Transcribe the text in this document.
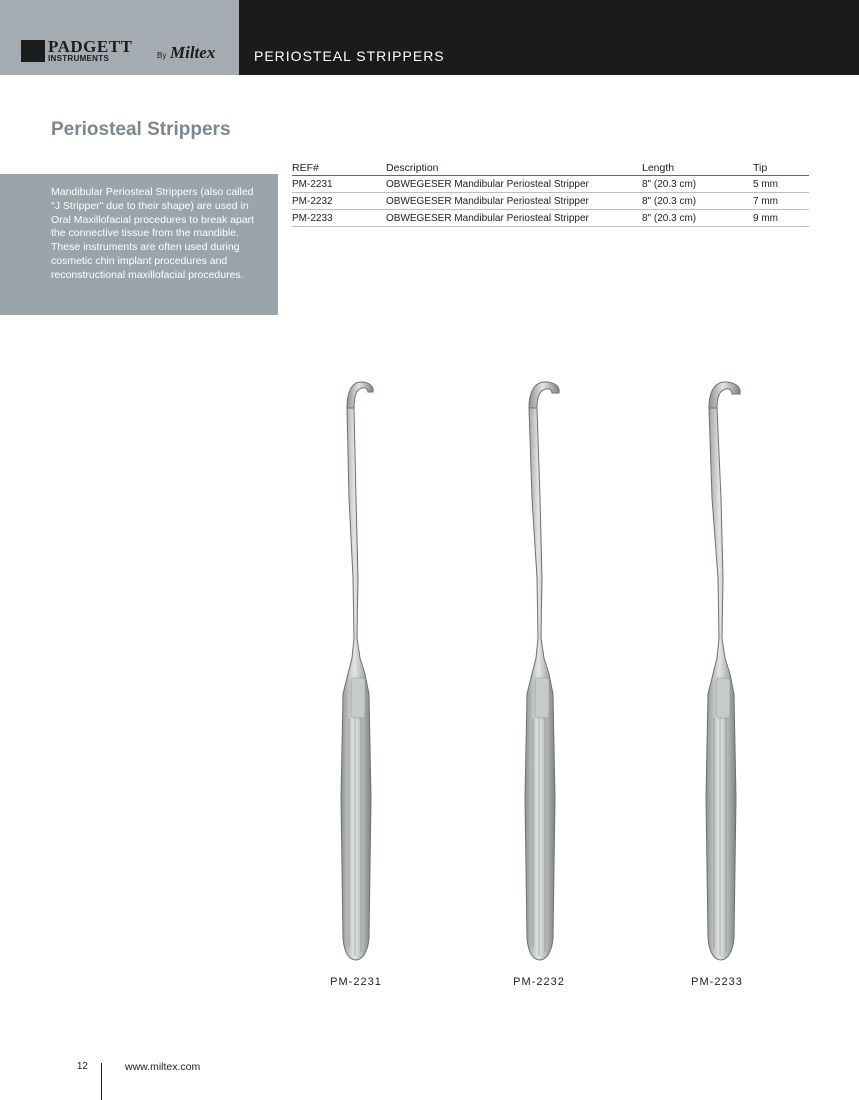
PADGETT
INSTRUMENTS	By Miltex	PERIOSTEAL STRIPPERS
Periosteal Strippers
Mandibular Periosteal Strippers (also called "J Stripper" due to their shape) are used in Oral Maxillofacial procedures to break apart the connective tissue from the mandible. These instruments are often used during cosmetic chin implant procedures and reconstructional maxillofacial procedures.
REF#	Description	Length	Tip
PM-2231	OBWEGESER Mandibular Periosteal Stripper	8" (20.3 cm)	5 mm
PM-2232	OBWEGESER Mandibular Periosteal Stripper	8" (20.3 cm)	7 mm
PM-2233	OBWEGESER Mandibular Periosteal Stripper	8" (20.3 cm)	9 mm
PM-2231	PM-2232	PM-2233
12	www.miltex.com
